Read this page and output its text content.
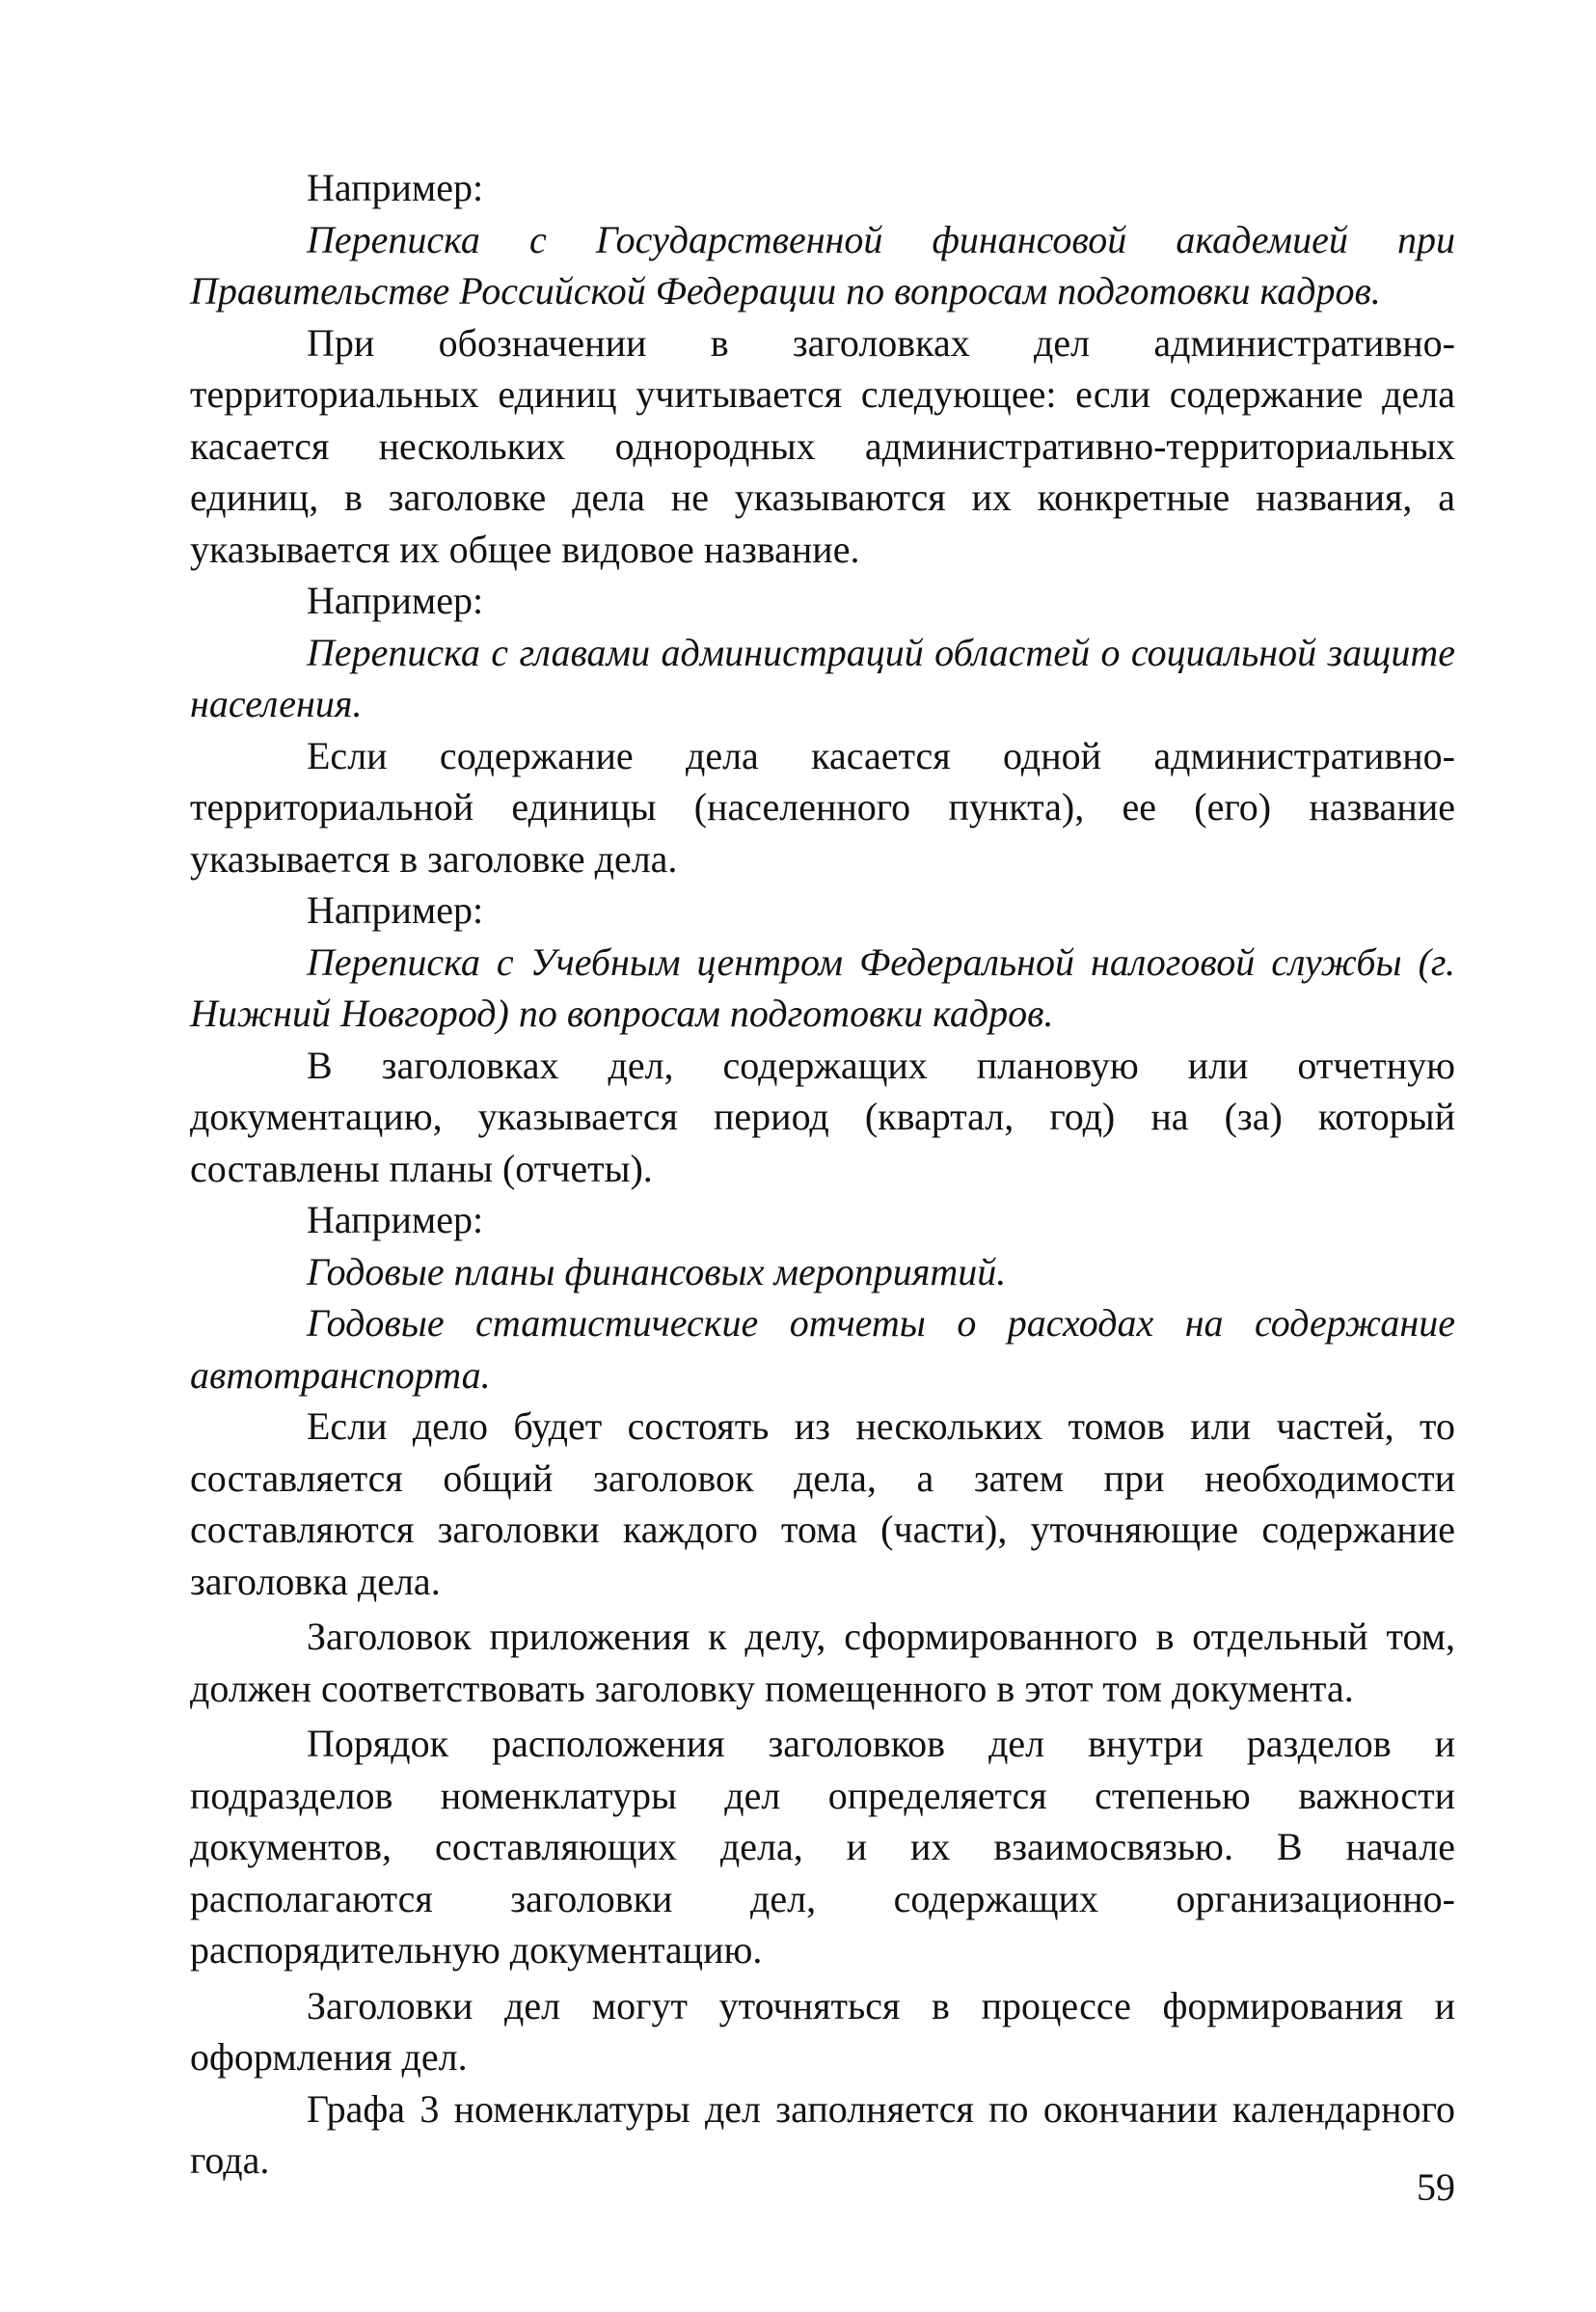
Например:

Переписка с Государственной финансовой академией при Правительстве Российской Федерации по вопросам подготовки кадров.

При обозначении в заголовках дел административно-территориальных единиц учитывается следующее: если содержание дела касается нескольких однородных административно-территориальных единиц, в заголовке дела не указываются их конкретные названия, а указывается их общее видовое название.

Например:

Переписка с главами администраций областей о социальной защите населения.

Если содержание дела касается одной административно-территориальной единицы (населенного пункта), ее (его) название указывается в заголовке дела.

Например:

Переписка с Учебным центром Федеральной налоговой службы (г. Нижний Новгород) по вопросам подготовки кадров.

В заголовках дел, содержащих плановую или отчетную документацию, указывается период (квартал, год) на (за) который составлены планы (отчеты).

Например:

Годовые планы финансовых мероприятий.

Годовые статистические отчеты о расходах на содержание автотранспорта.

Если дело будет состоять из нескольких томов или частей, то составляется общий заголовок дела, а затем при необходимости составляются заголовки каждого тома (части), уточняющие содержание заголовка дела.

Заголовок приложения к делу, сформированного в отдельный том, должен соответствовать заголовку помещенного в этот том документа.

Порядок расположения заголовков дел внутри разделов и подразделов номенклатуры дел определяется степенью важности документов, составляющих дела, и их взаимосвязью. В начале располагаются заголовки дел, содержащих организационно-распорядительную документацию.

Заголовки дел могут уточняться в процессе формирования и оформления дел.

Графа 3 номенклатуры дел заполняется по окончании календарного года.

59
